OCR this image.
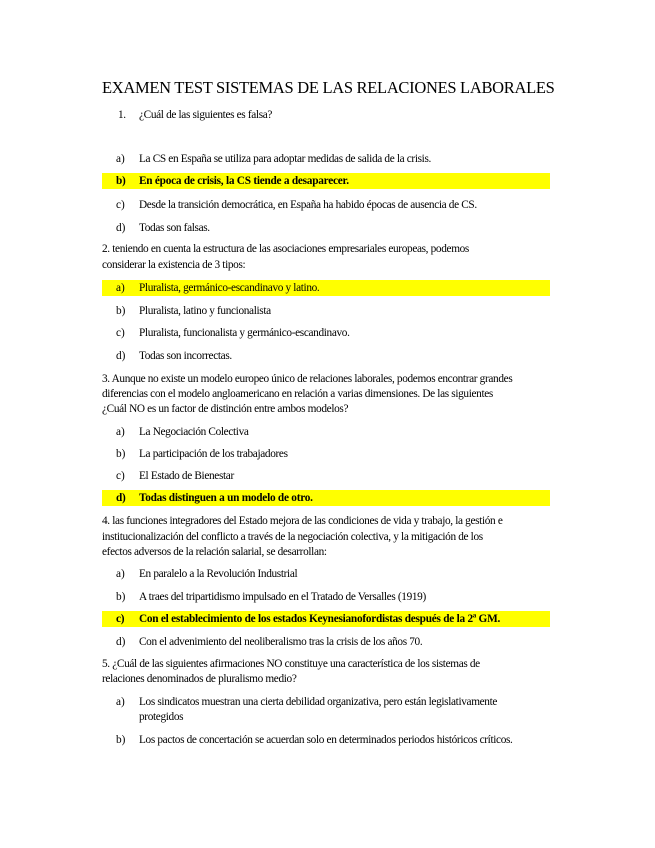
EXAMEN TEST SISTEMAS DE LAS RELACIONES LABORALES
1. ¿Cuál de las siguientes es falsa?
a) La CS en España se utiliza para adoptar medidas de salida de la crisis.
b) En época de crisis, la CS tiende a desaparecer.
c) Desde la transición democrática, en España ha habido épocas de ausencia de CS.
d) Todas son falsas.
2. teniendo en cuenta la estructura de las asociaciones empresariales europeas, podemos
considerar la existencia de 3 tipos:
a) Pluralista, germánico-escandinavo y latino.
b) Pluralista, latino y funcionalista
c) Pluralista, funcionalista y germánico-escandinavo.
d) Todas son incorrectas.
3. Aunque no existe un modelo europeo único de relaciones laborales, podemos encontrar grandes
diferencias con el modelo angloamericano en relación a varias dimensiones. De las siguientes
¿Cuál NO es un factor de distinción entre ambos modelos?
a) La Negociación Colectiva
b) La participación de los trabajadores
c) El Estado de Bienestar
d) Todas distinguen a un modelo de otro.
4. las funciones integradores del Estado mejora de las condiciones de vida y trabajo, la gestión e
institucionalización del conflicto a través de la negociación colectiva, y la mitigación de los
efectos adversos de la relación salarial, se desarrollan:
a) En paralelo a la Revolución Industrial
b) A traes del tripartidismo impulsado en el Tratado de Versalles (1919)
c) Con el establecimiento de los estados Keynesianofordistas después de la 2ª GM.
d) Con el advenimiento del neoliberalismo tras la crisis de los años 70.
5. ¿Cuál de las siguientes afirmaciones NO constituye una característica de los sistemas de
relaciones denominados de pluralismo medio?
a) Los sindicatos muestran una cierta debilidad organizativa, pero están legislativamente
protegidos
b) Los pactos de concertación se acuerdan solo en determinados periodos históricos críticos.
